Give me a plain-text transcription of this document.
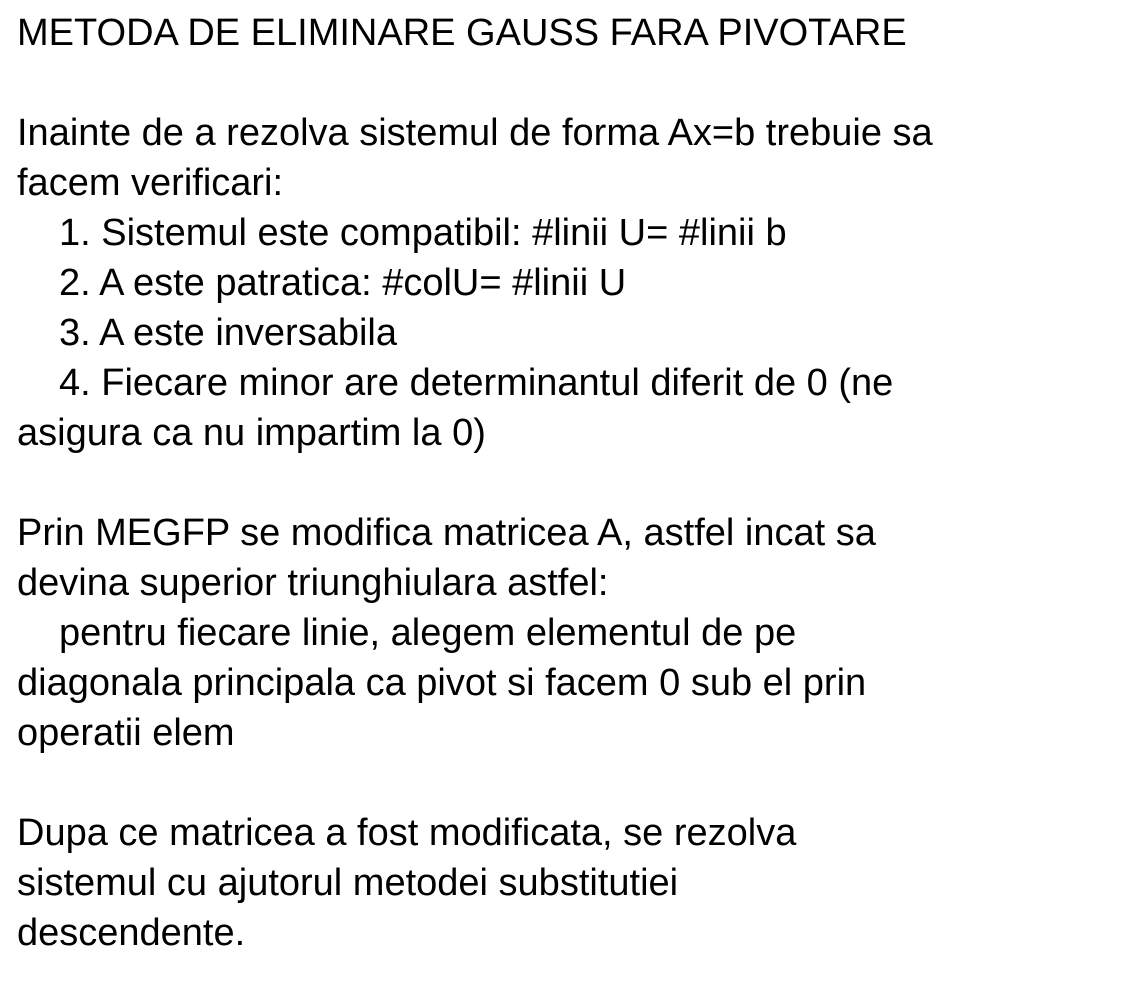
METODA DE ELIMINARE GAUSS FARA PIVOTARE
Inainte de a rezolva sistemul de forma Ax=b trebuie sa
facem verificari:
1. Sistemul este compatibil: #linii U= #linii b
2. A este patratica: #colU= #linii U
3. A este inversabila
4. Fiecare minor are determinantul diferit de 0 (ne
asigura ca nu impartim la 0)
Prin MEGFP se modifica matricea A, astfel incat sa
devina superior triunghiulara astfel:
pentru fiecare linie, alegem elementul de pe
diagonala principala ca pivot si facem 0 sub el prin
operatii elem
Dupa ce matricea a fost modificata, se rezolva
sistemul cu ajutorul metodei substitutiei
descendente.
